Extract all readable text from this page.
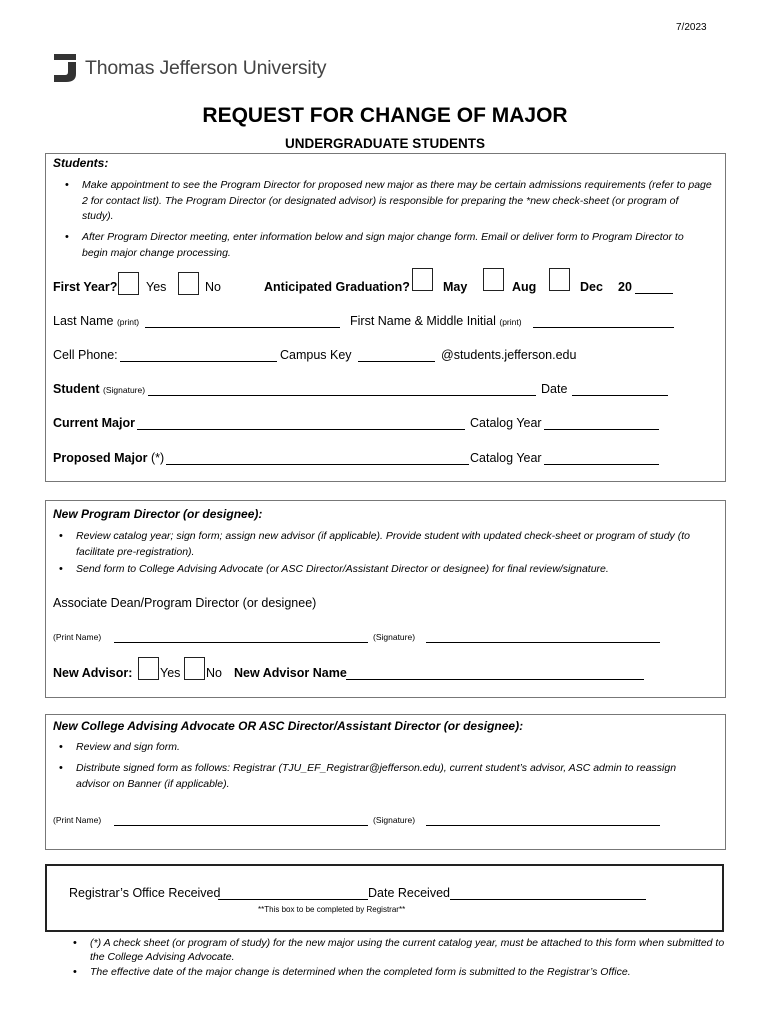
7/2023
Thomas Jefferson University
REQUEST FOR CHANGE OF MAJOR
UNDERGRADUATE STUDENTS
Students:
• Make appointment to see the Program Director for proposed new major as there may be certain admissions requirements (refer to page 2 for contact list). The Program Director (or designated advisor) is responsible for preparing the *new check-sheet (or program of study).
• After Program Director meeting, enter information below and sign major change form. Email or deliver form to Program Director to begin major change processing.
First Year? Yes	No	Anticipated Graduation?	May	Aug	Dec 20
Last Name (print)	First Name & Middle Initial (print)
Cell Phone:	Campus Key	@students.jefferson.edu
Student (Signature)	Date
Current Major	Catalog Year
Proposed Major (*)	Catalog Year
New Program Director (or designee):
• Review catalog year; sign form; assign new advisor (if applicable). Provide student with updated check-sheet or program of study (to facilitate pre-registration).
• Send form to College Advising Advocate (or ASC Director/Assistant Director or designee) for final review/signature.
Associate Dean/Program Director (or designee)
(Print Name)	(Signature)
New Advisor: Yes No New Advisor Name
New College Advising Advocate OR ASC Director/Assistant Director (or designee):
• Review and sign form.
• Distribute signed form as follows: Registrar (TJU_EF_Registrar@jefferson.edu), current student’s advisor, ASC admin to reassign advisor on Banner (if applicable).
(Print Name)	(Signature)
Registrar’s Office Received	Date Received
**This box to be completed by Registrar**
• (*) A check sheet (or program of study) for the new major using the current catalog year, must be attached to this form when submitted to the College Advising Advocate.
• The effective date of the major change is determined when the completed form is submitted to the Registrar’s Office.
